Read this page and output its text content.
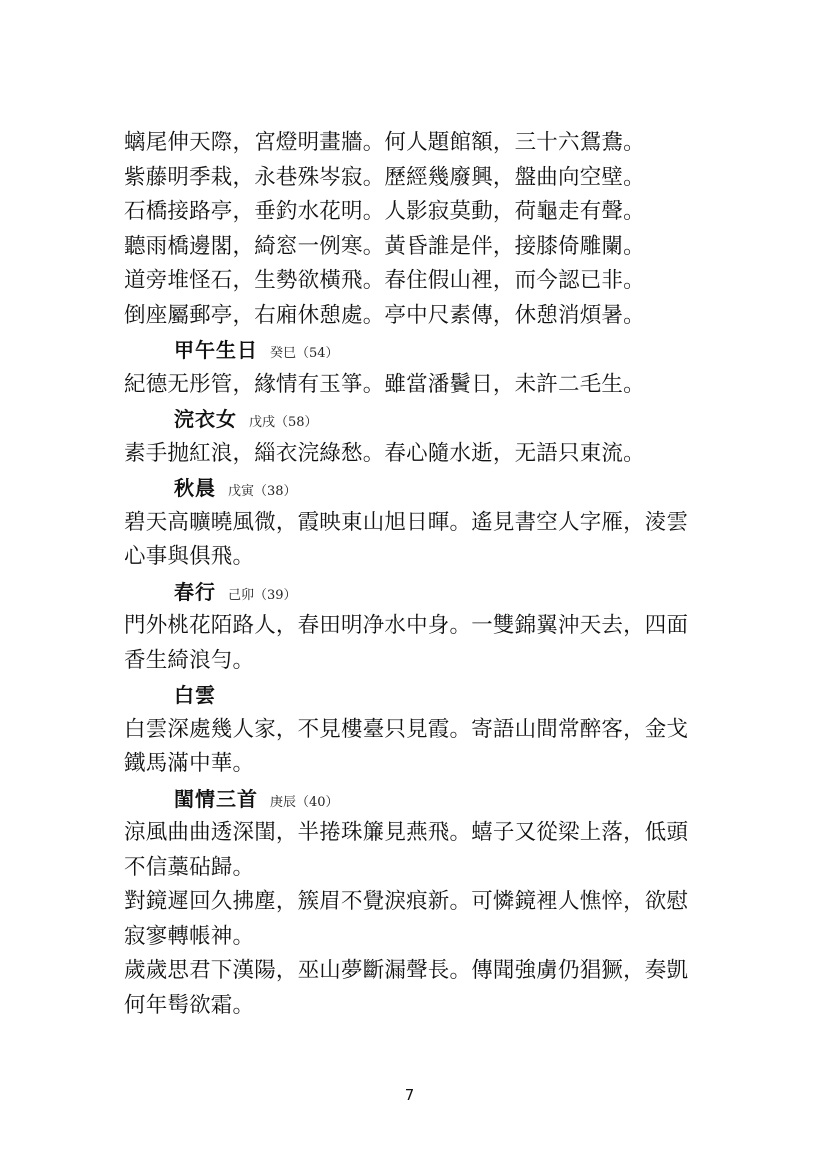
螭尾伸天際，宮燈明畫牆。何人題館額，三十六鴛鴦。
紫藤明季栽，永巷殊岑寂。歷經幾廢興，盤曲向空壁。
石橋接路亭，垂釣水花明。人影寂莫動，荷龜走有聲。
聽雨橋邊閣，綺窓一例寒。黃昏誰是伴，接膝倚雕闌。
道旁堆怪石，生勢欲橫飛。春住假山裡，而今認已非。
倒座屬郵亭，右廂休憩處。亭中尺素傳，休憩消煩暑。
甲午生日 癸巳（54）
紀德无彤管，緣情有玉箏。雖當潘鬢日，未許二毛生。
浣衣女 戊戌（58）
素手抛紅浪，緇衣浣綠愁。春心隨水逝，无語只東流。
秋晨 戊寅（38）
碧天高曠曉風微，霞映東山旭日暉。遙見書空人字雁，淩雲
心事與俱飛。
春行 己卯（39）
門外桃花陌路人，春田明净水中身。一雙錦翼沖天去，四面
香生綺浪勻。
白雲
白雲深處幾人家，不見樓臺只見霞。寄語山間常醉客，金戈
鐵馬滿中華。
閨情三首 庚辰（40）
涼風曲曲透深閨，半捲珠簾見燕飛。蟢子又從梁上落，低頭
不信藁砧歸。
對鏡遲回久拂塵，簇眉不覺淚痕新。可憐鏡裡人憔悴，欲慰
寂寥轉帳神。
歲歲思君下漢陽，巫山夢斷漏聲長。傳聞強虜仍猖獗，奏凱
何年髩欲霜。
7
